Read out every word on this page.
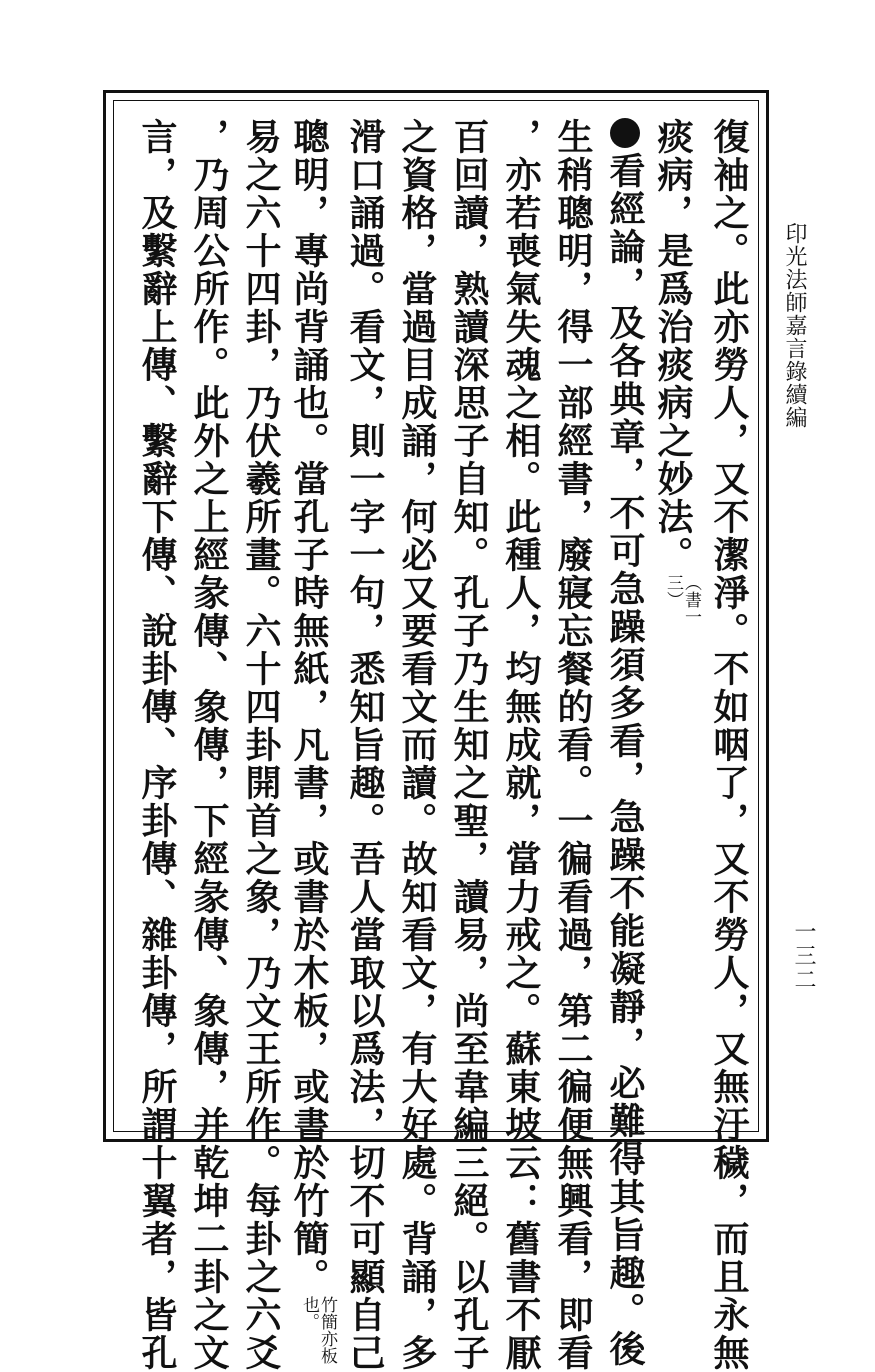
印光法師嘉言錄續編
一三二
復袖之。此亦勞人，又不潔淨。不如咽了，又不勞人，又無汙穢，而且永無
痰病，是爲治痰病之妙法。（書一三）
看經論，及各典章，不可急躁須多看，急躁不能凝靜，必難得其旨趣。後
生稍聰明，得一部經書，廢寢忘餐的看。一徧看過，第二徧便無興看，即看
，亦若喪氣失魂之相。此種人，均無成就，當力戒之。蘇東坡云：舊書不厭
百回讀，熟讀深思子自知。孔子乃生知之聖，讀易，尚至韋編三絕。以孔子
之資格，當過目成誦，何必又要看文而讀。故知看文，有大好處。背誦，多
滑口誦過。看文，則一字一句，悉知旨趣。吾人當取以爲法，切不可顯自己
聰明，專尚背誦也。當孔子時無紙，凡書，或書於木板，或書於竹簡。竹簡亦板也。
易之六十四卦，乃伏羲所畫。六十四卦開首之象，乃文王所作。每卦之六爻
，乃周公所作。此外之上經彖傳、象傳，下經彖傳、象傳，并乾坤二卦之文
言，及繫辭上傳、繫辭下傳、說卦傳、序卦傳、雜卦傳，所謂十翼者，皆孔
